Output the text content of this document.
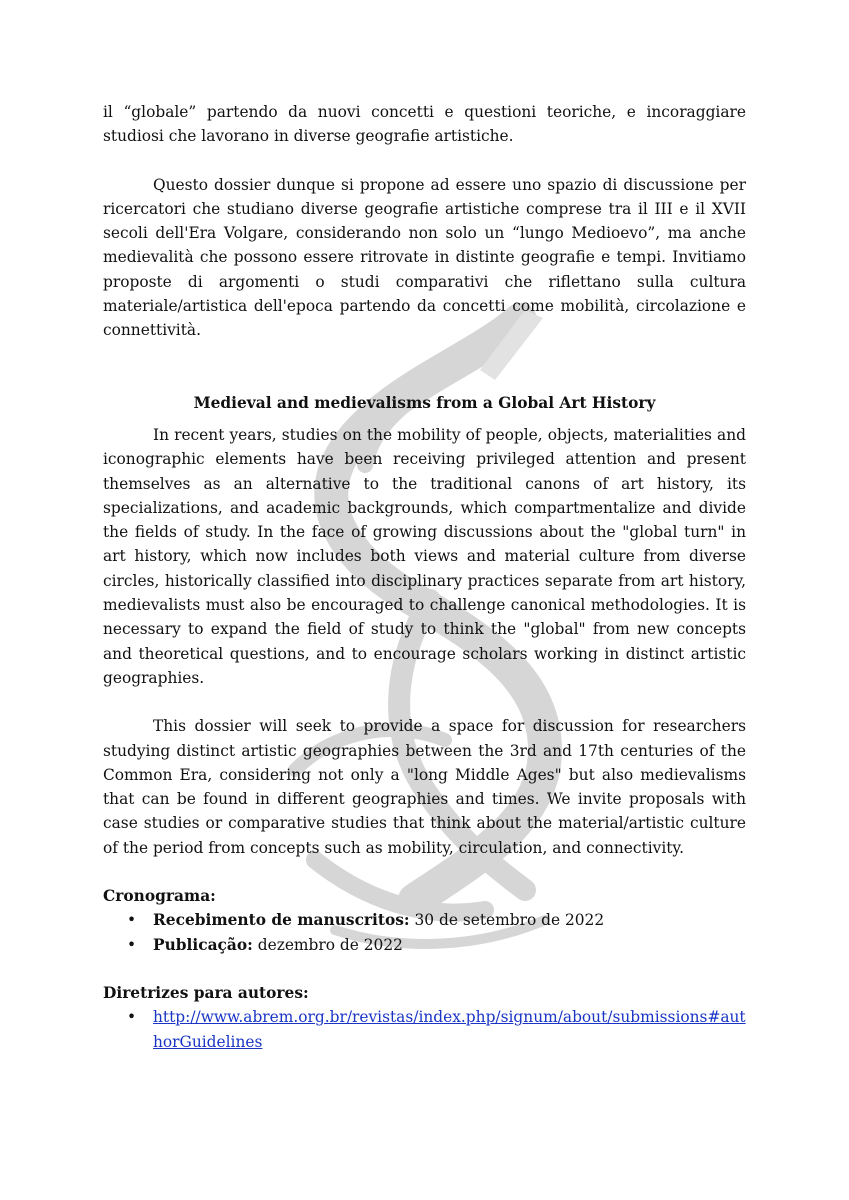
il “globale” partendo da nuovi concetti e questioni teoriche, e incoraggiare studiosi che lavorano in diverse geografie artistiche.

Questo dossier dunque si propone ad essere uno spazio di discussione per ricercatori che studiano diverse geografie artistiche comprese tra il III e il XVII secoli dell'Era Volgare, considerando non solo un “lungo Medioevo”, ma anche medievalità che possono essere ritrovate in distinte geografie e tempi. Invitiamo proposte di argomenti o studi comparativi che riflettano sulla cultura materiale/artistica dell'epoca partendo da concetti come mobilità, circolazione e connettività.

Medieval and medievalisms from a Global Art History

In recent years, studies on the mobility of people, objects, materialities and iconographic elements have been receiving privileged attention and present themselves as an alternative to the traditional canons of art history, its specializations, and academic backgrounds, which compartmentalize and divide the fields of study. In the face of growing discussions about the "global turn" in art history, which now includes both views and material culture from diverse circles, historically classified into disciplinary practices separate from art history, medievalists must also be encouraged to challenge canonical methodologies. It is necessary to expand the field of study to think the "global" from new concepts and theoretical questions, and to encourage scholars working in distinct artistic geographies.

This dossier will seek to provide a space for discussion for researchers studying distinct artistic geographies between the 3rd and 17th centuries of the Common Era, considering not only a "long Middle Ages" but also medievalisms that can be found in different geographies and times. We invite proposals with case studies or comparative studies that think about the material/artistic culture of the period from concepts such as mobility, circulation, and connectivity.

Cronograma:

• Recebimento de manuscritos: 30 de setembro de 2022
• Publicação: dezembro de 2022

Diretrizes para autores:

• http://www.abrem.org.br/revistas/index.php/signum/about/submissions#authorGuidelines
